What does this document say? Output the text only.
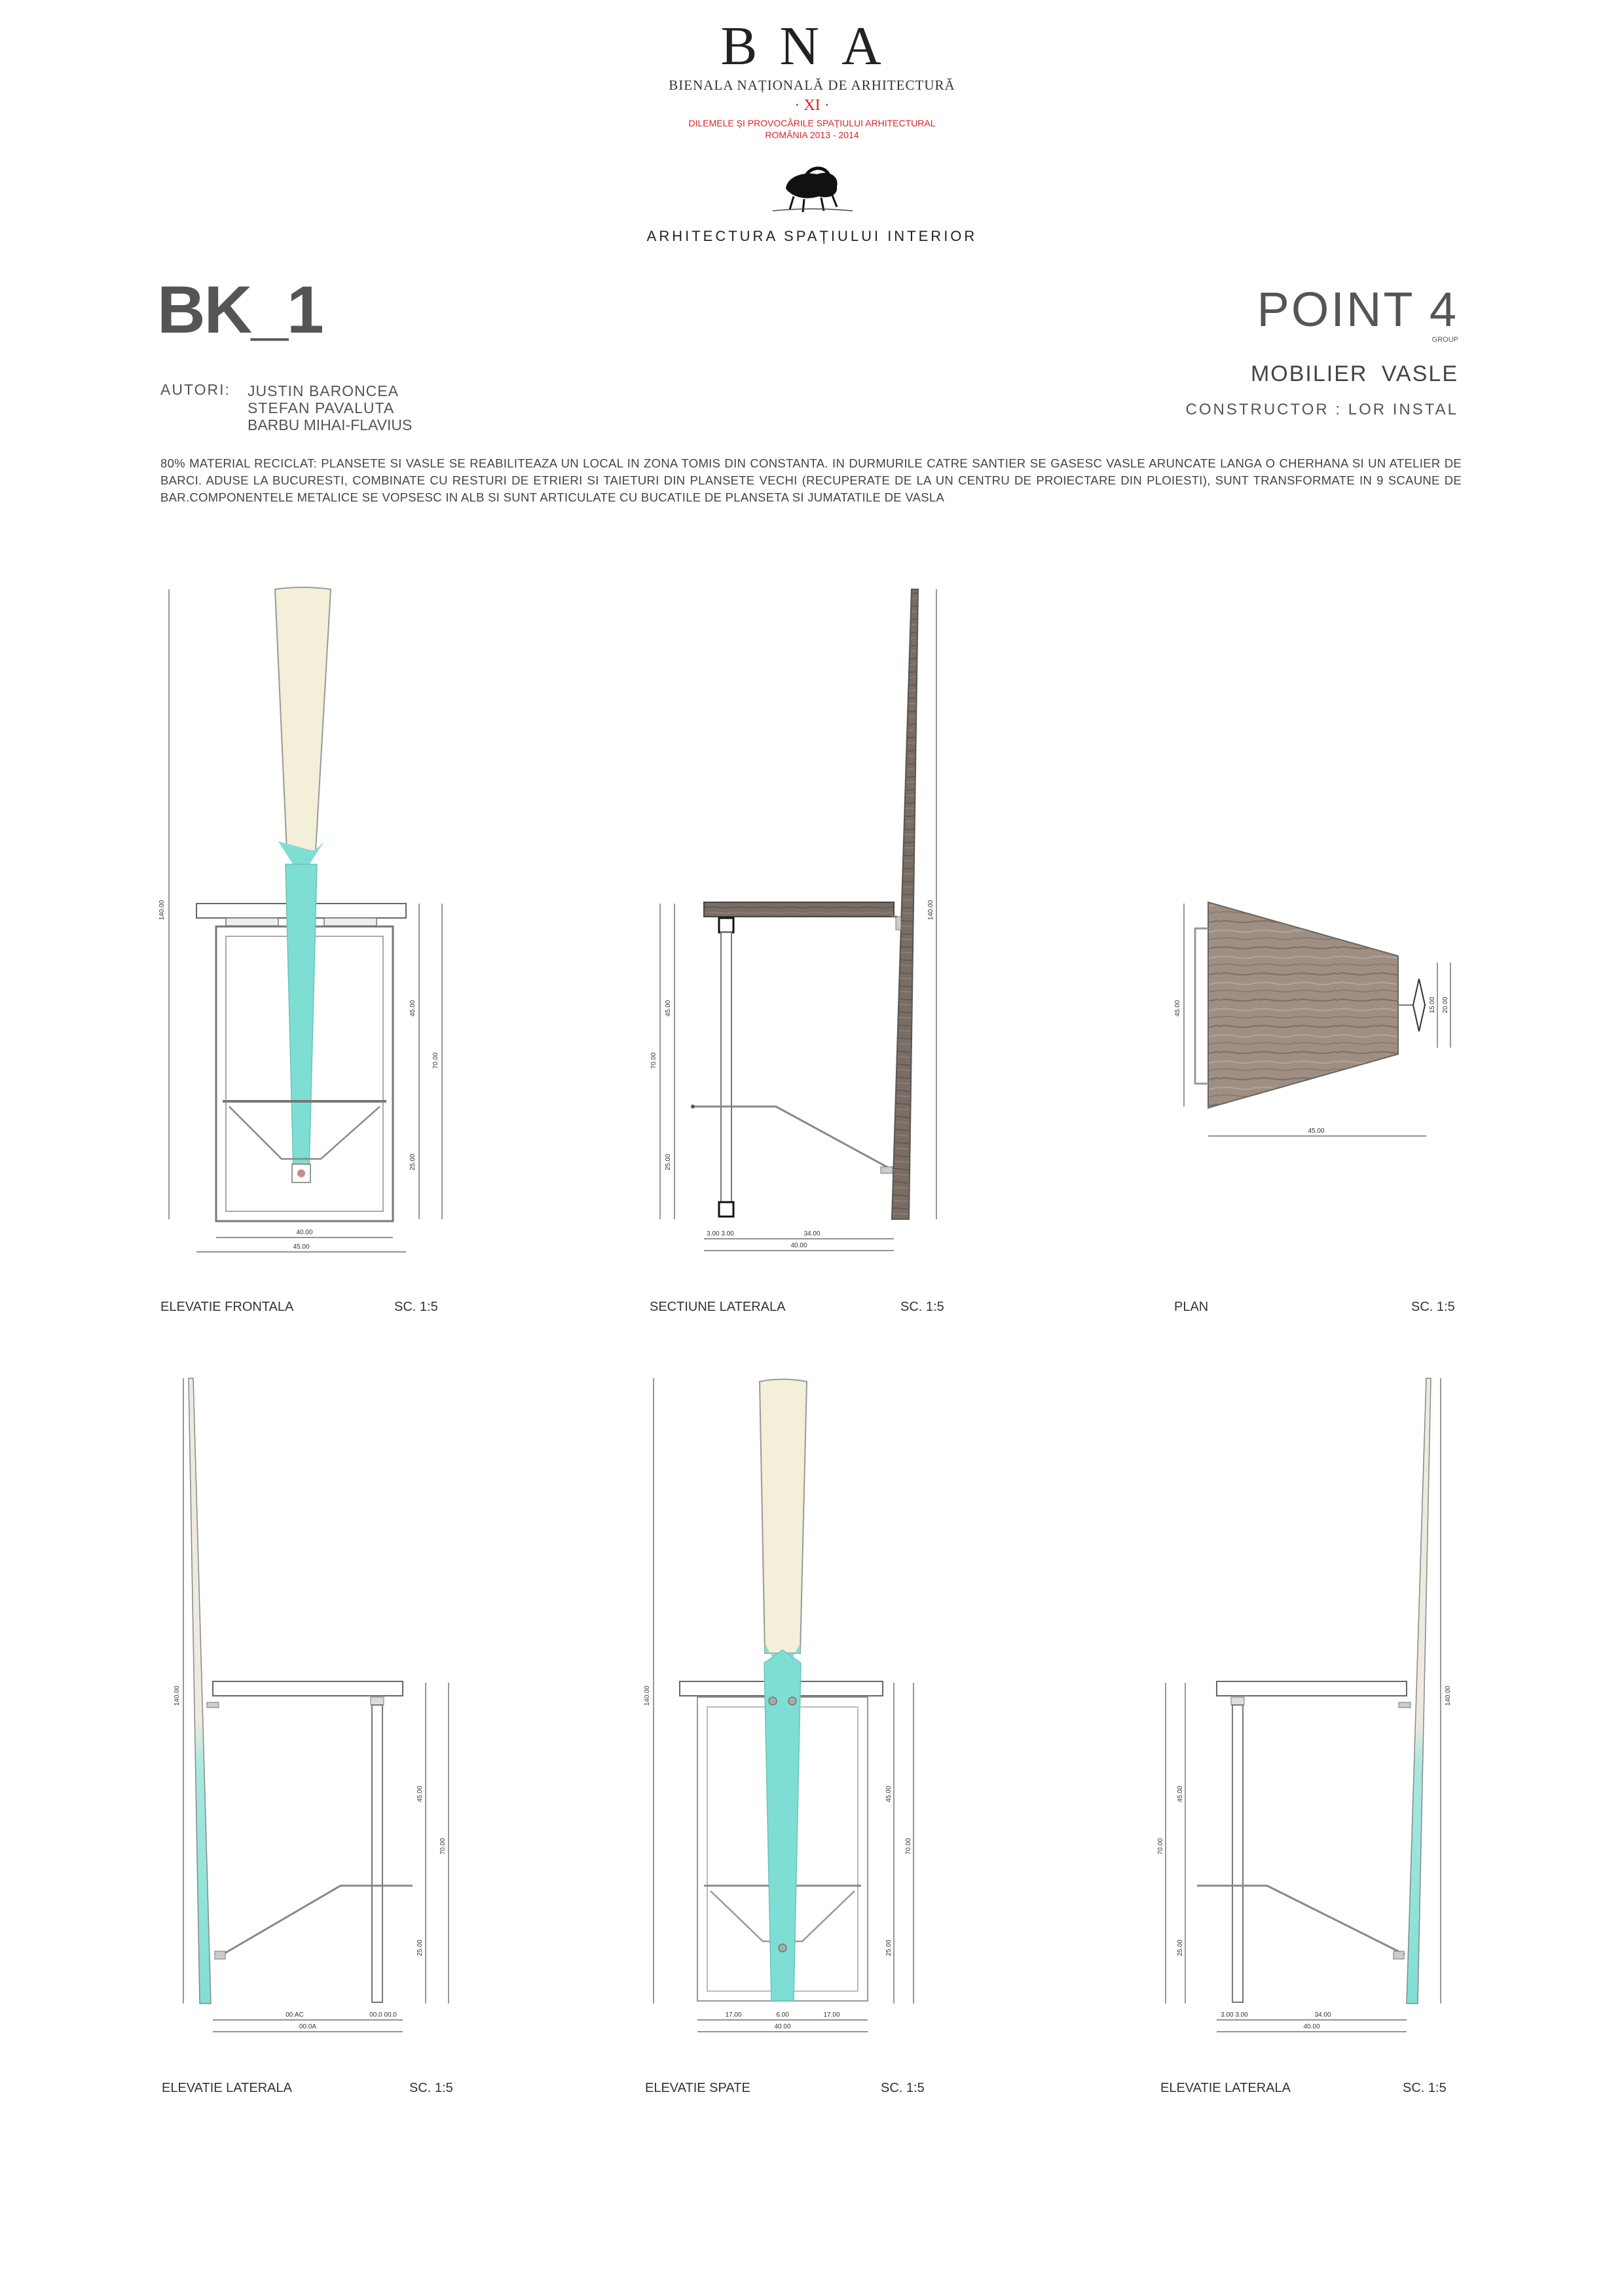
BNA
BIENALA NAȚIONALĂ DE ARHITECTURĂ
· XI ·
DILEMELE ȘI PROVOCĂRILE SPAȚIULUI ARHITECTURAL
ROMÂNIA 2013 - 2014
ARHITECTURA SPAȚIULUI INTERIOR
BK_1
AUTORI: JUSTIN BARONCEA
STEFAN PAVALUTA
BARBU MIHAI-FLAVIUS
POINT 4
GROUP
MOBILIER VASLE
CONSTRUCTOR : LOR INSTAL
80% MATERIAL RECICLAT: PLANSETE SI VASLE SE REABILITEAZA UN LOCAL IN ZONA TOMIS DIN CONSTANTA. IN DURMURILE CATRE SANTIER SE GASESC VASLE ARUNCATE LANGA O CHERHANA SI UN ATELIER DE BARCI. ADUSE LA BUCURESTI, COMBINATE CU RESTURI DE ETRIERI SI TAIETURI DIN PLANSETE VECHI (RECUPERATE DE LA UN CENTRU DE PROIECTARE DIN PLOIESTI), SUNT TRANSFORMATE IN 9 SCAUNE DE BAR.COMPONENTELE METALICE SE VOPSESC IN ALB SI SUNT ARTICULATE CU BUCATILE DE PLANSETA SI JUMATATILE DE VASLA
140.00
45.00
70.00
25.00
40.00
45.00
ELEVATIE FRONTALA	SC. 1:5
140.00
45.00
70.00
25.00
3.00 3.00	34.00
40.00
SECTIUNE LATERALA	SC. 1:5
45.00	15.00 20.00
45.00
PLAN	SC. 1:5
140.00
45.00
70.00
25.00
00.AC	00.0 00.0
00.0A
ELEVATIE LATERALA	SC. 1:5
140.00
45.00
70.00
25.00
17.00	6.00	17.00
40.00
ELEVATIE SPATE	SC. 1:5
140.00
45.00
70.00
25.00
3.00 3.00	34.00
40.00
ELEVATIE LATERALA	SC. 1:5
